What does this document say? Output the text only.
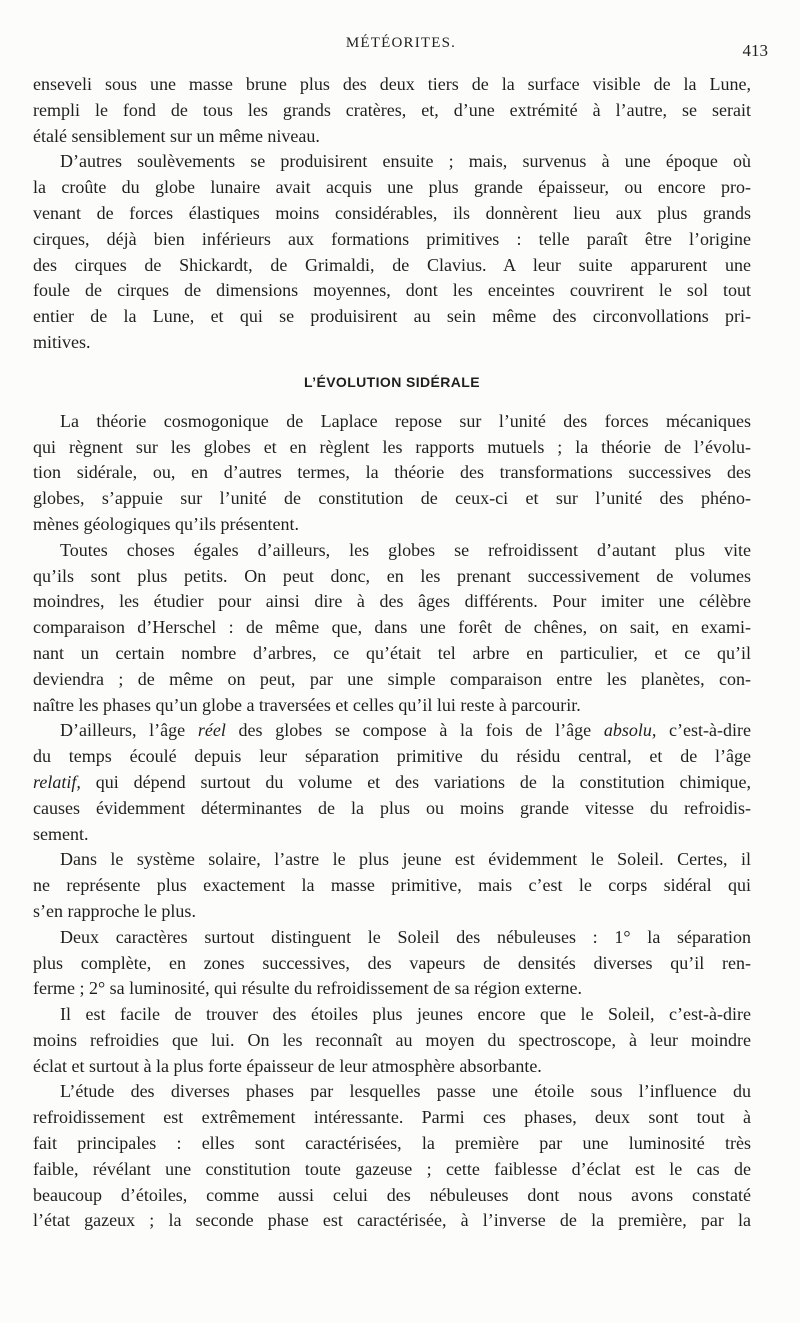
MÉTÉORITES.	413
enseveli sous une masse brune plus des deux tiers de la surface visible de la Lune,
rempli le fond de tous les grands cratères, et, d’une extrémité à l’autre, se serait
étalé sensiblement sur un même niveau.
D’autres soulèvements se produisirent ensuite ; mais, survenus à une époque où
la croûte du globe lunaire avait acquis une plus grande épaisseur, ou encore pro-
venant de forces élastiques moins considérables, ils donnèrent lieu aux plus grands
cirques, déjà bien inférieurs aux formations primitives : telle paraît être l’origine
des cirques de Shickardt, de Grimaldi, de Clavius. A leur suite apparurent une
foule de cirques de dimensions moyennes, dont les enceintes couvrirent le sol tout
entier de la Lune, et qui se produisirent au sein même des circonvollations pri-
mitives.
L’ÉVOLUTION SIDÉRALE
La théorie cosmogonique de Laplace repose sur l’unité des forces mécaniques
qui règnent sur les globes et en règlent les rapports mutuels ; la théorie de l’évolu-
tion sidérale, ou, en d’autres termes, la théorie des transformations successives des
globes, s’appuie sur l’unité de constitution de ceux-ci et sur l’unité des phéno-
mènes géologiques qu’ils présentent.
Toutes choses égales d’ailleurs, les globes se refroidissent d’autant plus vite
qu’ils sont plus petits. On peut donc, en les prenant successivement de volumes
moindres, les étudier pour ainsi dire à des âges différents. Pour imiter une célèbre
comparaison d’Herschel : de même que, dans une forêt de chênes, on sait, en exami-
nant un certain nombre d’arbres, ce qu’était tel arbre en particulier, et ce qu’il
deviendra ; de même on peut, par une simple comparaison entre les planètes, con-
naître les phases qu’un globe a traversées et celles qu’il lui reste à parcourir.
D’ailleurs, l’âge réel des globes se compose à la fois de l’âge absolu, c’est-à-dire
du temps écoulé depuis leur séparation primitive du résidu central, et de l’âge
relatif, qui dépend surtout du volume et des variations de la constitution chimique,
causes évidemment déterminantes de la plus ou moins grande vitesse du refroidis-
sement.
Dans le système solaire, l’astre le plus jeune est évidemment le Soleil. Certes, il
ne représente plus exactement la masse primitive, mais c’est le corps sidéral qui
s’en rapproche le plus.
Deux caractères surtout distinguent le Soleil des nébuleuses : 1° la séparation
plus complète, en zones successives, des vapeurs de densités diverses qu’il ren-
ferme ; 2° sa luminosité, qui résulte du refroidissement de sa région externe.
Il est facile de trouver des étoiles plus jeunes encore que le Soleil, c’est-à-dire
moins refroidies que lui. On les reconnaît au moyen du spectroscope, à leur moindre
éclat et surtout à la plus forte épaisseur de leur atmosphère absorbante.
L’étude des diverses phases par lesquelles passe une étoile sous l’influence du
refroidissement est extrêmement intéressante. Parmi ces phases, deux sont tout à
fait principales : elles sont caractérisées, la première par une luminosité très
faible, révélant une constitution toute gazeuse ; cette faiblesse d’éclat est le cas de
beaucoup d’étoiles, comme aussi celui des nébuleuses dont nous avons constaté
l’état gazeux ; la seconde phase est caractérisée, à l’inverse de la première, par la
